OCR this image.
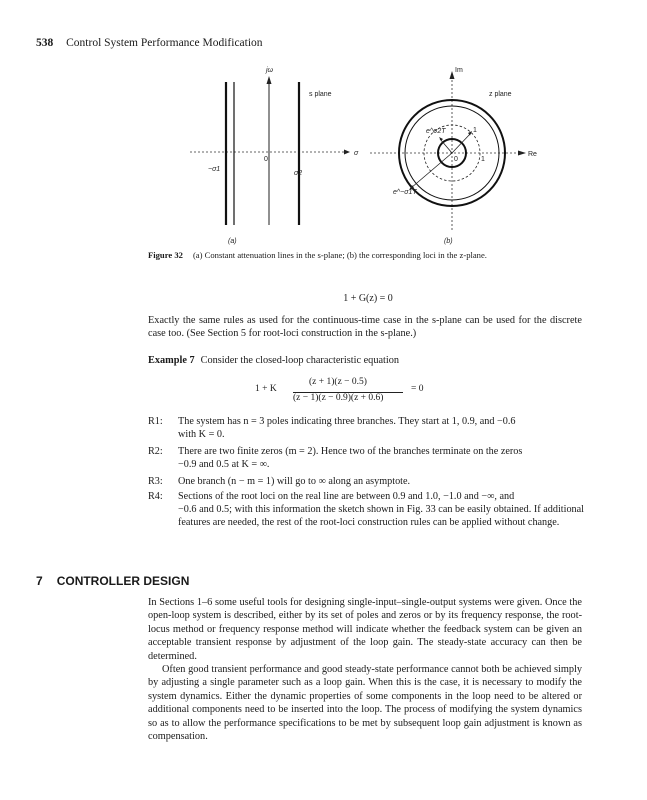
538 Control System Performance Modification
jω
s plane
σ
0
−σ1
σ2
(a)
Im
z plane
Re
0	1
e^σ2T	1
e^−σ1T
(b)
Figure 32 (a) Constant attenuation lines in the s-plane; (b) the corresponding loci in the z-plane.
1 + G(z) = 0
Exactly the same rules as used for the continuous-time case in the s-plane can be used for the discrete case too. (See Section 5 for root-loci construction in the s-plane.)
Example 7 Consider the closed-loop characteristic equation
1 + K
(z + 1)(z − 0.5)
(z − 1)(z − 0.9)(z + 0.6)
= 0
R1: The system has n = 3 poles indicating three branches. They start at 1, 0.9, and −0.6
with K = 0.
R2: There are two finite zeros (m = 2). Hence two of the branches terminate on the zeros
−0.9 and 0.5 at K = ∞.
R3: One branch (n − m = 1) will go to ∞ along an asymptote.
R4: Sections of the root loci on the real line are between 0.9 and 1.0, −1.0 and −∞, and
−0.6 and 0.5; with this information the sketch shown in Fig. 33 can be easily obtained. If additional features are needed, the rest of the root-loci construction rules can be applied without change.
7 CONTROLLER DESIGN
In Sections 1–6 some useful tools for designing single-input–single-output systems were given. Once the open-loop system is described, either by its set of poles and zeros or by its frequency response, the root-locus method or frequency response method will indicate whether the feedback system can be given an acceptable transient response by adjustment of the loop gain. The steady-state accuracy can then be determined.
Often good transient performance and good steady-state performance cannot both be achieved simply by adjusting a single parameter such as a loop gain. When this is the case, it is necessary to modify the system dynamics. Either the dynamic properties of some components in the loop need to be altered or additional components need to be inserted into the loop. The process of modifying the system dynamics so as to allow the performance specifications to be met by subsequent loop gain adjustment is known as compensation.
